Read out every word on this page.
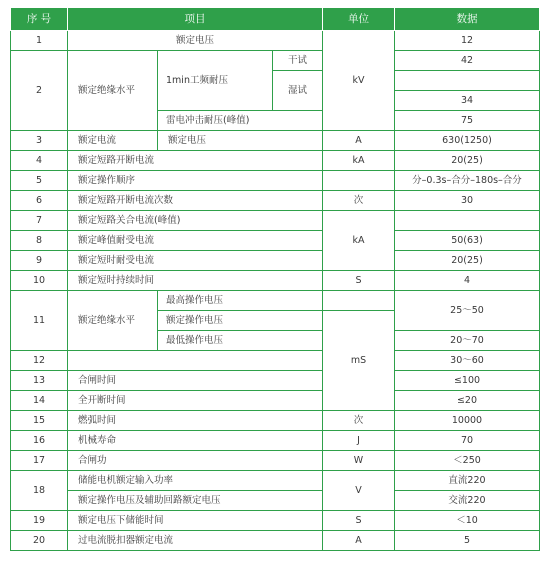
序 号	项目			单位	数据
1	额定电压			kV	12
2	额定绝缘水平	1min工频耐压	干试		42
			湿试		
					34
		雷电冲击耐压(峰值)			75
3	额定电流	额定电压		A	630(1250)
4	额定短路开断电流			kA	20(25)
5	额定操作顺序				分–0.3s–合分–180s–合分
6	额定短路开断电流次数			次	30
7	额定短路关合电流(峰值)			kA	
8	额定峰值耐受电流				50(63)
9	额定短时耐受电流				20(25)
10	额定短时持续时间			S	4
11	额定绝缘水平	最高操作电压			25～50
		额定操作电压		mS	
		最低操作电压			20～70
12					30～60
13	合闸时间				≤100
14	全开断时间				≤20
15	燃弧时间			次	10000
16	机械寿命			J	70
17	合闸功			W	＜250
18	储能电机额定输入功率			V	直流220
	额定操作电压及辅助回路额定电压				交流220
19	额定电压下储能时间			S	＜10
20	过电流脱扣器额定电流			A	5
